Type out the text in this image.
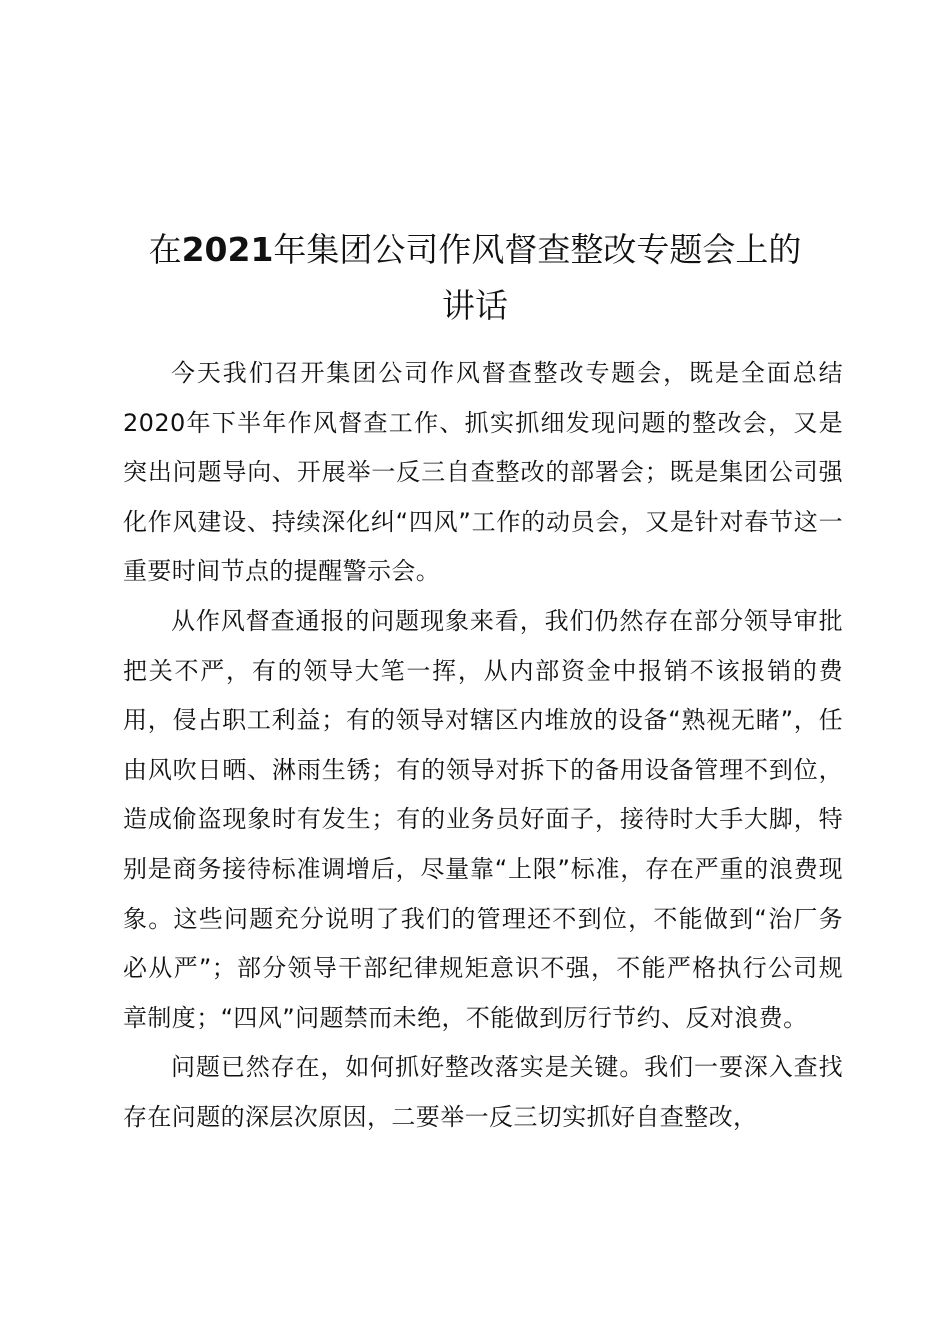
在2021年集团公司作风督查整改专题会上的
讲话

今天我们召开集团公司作风督查整改专题会，既是全面总结2020年下半年作风督查工作、抓实抓细发现问题的整改会，又是突出问题导向、开展举一反三自查整改的部署会；既是集团公司强化作风建设、持续深化纠“四风”工作的动员会，又是针对春节这一重要时间节点的提醒警示会。

从作风督查通报的问题现象来看，我们仍然存在部分领导审批把关不严，有的领导大笔一挥，从内部资金中报销不该报销的费用，侵占职工利益；有的领导对辖区内堆放的设备“熟视无睹”，任由风吹日晒、淋雨生锈；有的领导对拆下的备用设备管理不到位，造成偷盗现象时有发生；有的业务员好面子，接待时大手大脚，特别是商务接待标准调增后，尽量靠“上限”标准，存在严重的浪费现象。这些问题充分说明了我们的管理还不到位，不能做到“治厂务必从严”；部分领导干部纪律规矩意识不强，不能严格执行公司规章制度；“四风”问题禁而未绝，不能做到厉行节约、反对浪费。

问题已然存在，如何抓好整改落实是关键。我们一要深入查找存在问题的深层次原因，二要举一反三切实抓好自查整改，
